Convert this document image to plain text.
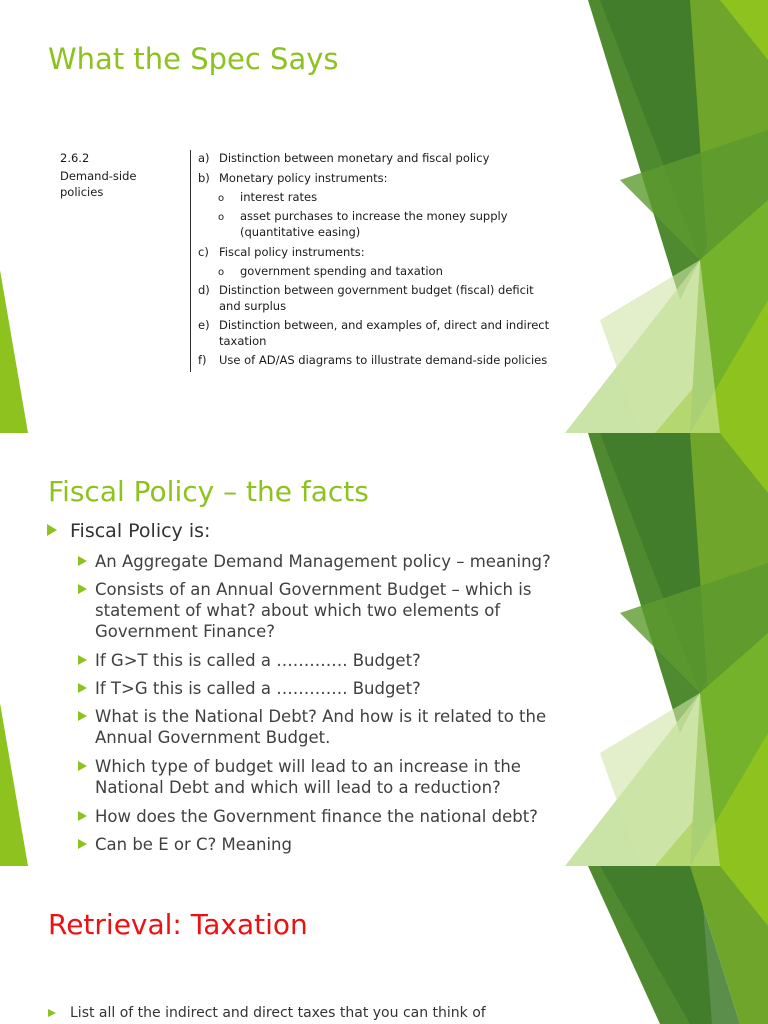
What the Spec Says
2.6.2
Demand-side
policies
a) Distinction between monetary and fiscal policy
b) Monetary policy instruments:
o interest rates
o asset purchases to increase the money supply
(quantitative easing)
c) Fiscal policy instruments:
o government spending and taxation
d) Distinction between government budget (fiscal) deficit
and surplus
e) Distinction between, and examples of, direct and indirect
taxation
f) Use of AD/AS diagrams to illustrate demand-side policies
Fiscal Policy – the facts
Fiscal Policy is:
An Aggregate Demand Management policy – meaning?
Consists of an Annual Government Budget – which is statement of what? about which two elements of Government Finance?
If G>T this is called a …………. Budget?
If T>G this is called a …………. Budget?
What is the National Debt? And how is it related to the Annual Government Budget.
Which type of budget will lead to an increase in the National Debt and which will lead to a reduction?
How does the Government finance the national debt?
Can be E or C? Meaning
Retrieval: Taxation
List all of the indirect and direct taxes that you can think of
